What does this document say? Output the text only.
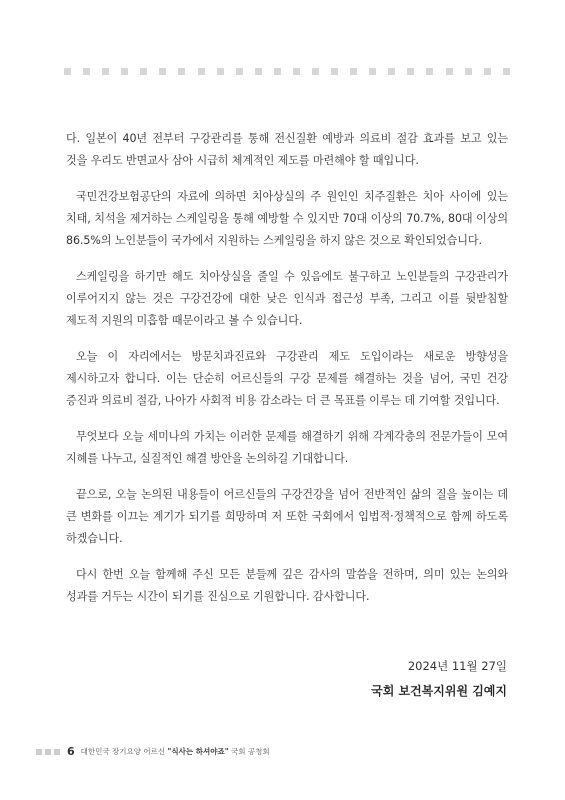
다. 일본이 40년 전부터 구강관리를 통해 전신질환 예방과 의료비 절감 효과를 보고 있는 것을 우리도 반면교사 삼아 시급히 체계적인 제도를 마련해야 할 때입니다.

국민건강보험공단의 자료에 의하면 치아상실의 주 원인인 치주질환은 치아 사이에 있는 치태, 치석을 제거하는 스케일링을 통해 예방할 수 있지만 70대 이상의 70.7%, 80대 이상의 86.5%의 노인분들이 국가에서 지원하는 스케일링을 하지 않은 것으로 확인되었습니다.

스케일링을 하기만 해도 치아상실을 줄일 수 있음에도 불구하고 노인분들의 구강관리가 이루어지지 않는 것은 구강건강에 대한 낮은 인식과 접근성 부족, 그리고 이를 뒷받침할 제도적 지원의 미흡함 때문이라고 볼 수 있습니다.

오늘 이 자리에서는 방문치과진료와 구강관리 제도 도입이라는 새로운 방향성을 제시하고자 합니다. 이는 단순히 어르신들의 구강 문제를 해결하는 것을 넘어, 국민 건강 증진과 의료비 절감, 나아가 사회적 비용 감소라는 더 큰 목표를 이루는 데 기여할 것입니다.

무엇보다 오늘 세미나의 가치는 이러한 문제를 해결하기 위해 각계각층의 전문가들이 모여 지혜를 나누고, 실질적인 해결 방안을 논의하길 기대합니다.

끝으로, 오늘 논의된 내용들이 어르신들의 구강건강을 넘어 전반적인 삶의 질을 높이는 데 큰 변화를 이끄는 계기가 되기를 희망하며 저 또한 국회에서 입법적·정책적으로 함께 하도록 하겠습니다.

다시 한번 오늘 함께해 주신 모든 분들께 깊은 감사의 말씀을 전하며, 의미 있는 논의와 성과를 거두는 시간이 되기를 진심으로 기원합니다. 감사합니다.

2024년 11월 27일
국회 보건복지위원 김예지
6 대한민국 장기요양 어르신
"식사는 하셔야죠"
국회 공청회
